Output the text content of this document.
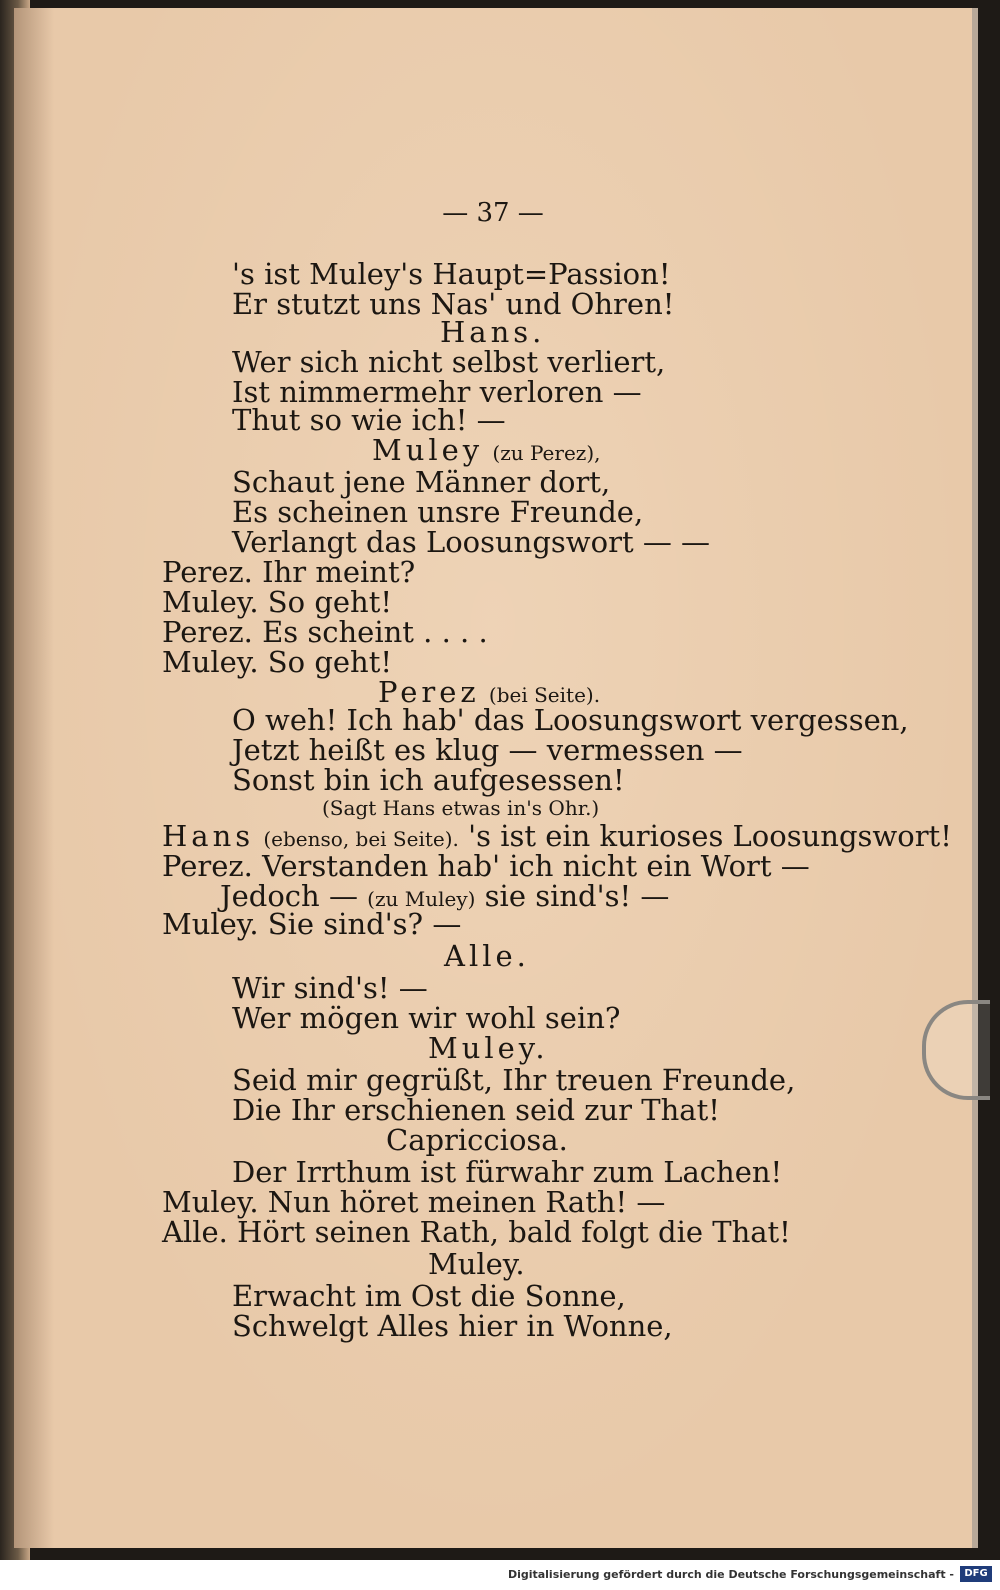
— 37 —
's ist Muley's Haupt=Passion!
Er stutzt uns Nas' und Ohren!
Hans.
Wer sich nicht selbst verliert,
Ist nimmermehr verloren —
Thut so wie ich! —
Muley (zu Perez),
Schaut jene Männer dort,
Es scheinen unsre Freunde,
Verlangt das Loosungswort — —
Perez. Ihr meint?
Muley. So geht!
Perez. Es scheint . . . .
Muley. So geht!
Perez (bei Seite).
O weh! Ich hab' das Loosungswort vergessen,
Jetzt heißt es klug — vermessen —
Sonst bin ich aufgesessen!
(Sagt Hans etwas in's Ohr.)
Hans (ebenso, bei Seite). 's ist ein kurioses Loosungswort!
Perez. Verstanden hab' ich nicht ein Wort —
Jedoch — (zu Muley) sie sind's! —
Muley. Sie sind's? —
Alle.
Wir sind's! —
Wer mögen wir wohl sein?
Muley.
Seid mir gegrüßt, Ihr treuen Freunde,
Die Ihr erschienen seid zur That!
Capricciosa.
Der Irrthum ist fürwahr zum Lachen!
Muley. Nun höret meinen Rath! —
Alle. Hört seinen Rath, bald folgt die That!
Muley.
Erwacht im Ost die Sonne,
Schwelgt Alles hier in Wonne,
Digitalisierung gefördert durch die Deutsche Forschungsgemeinschaft -	DFG
